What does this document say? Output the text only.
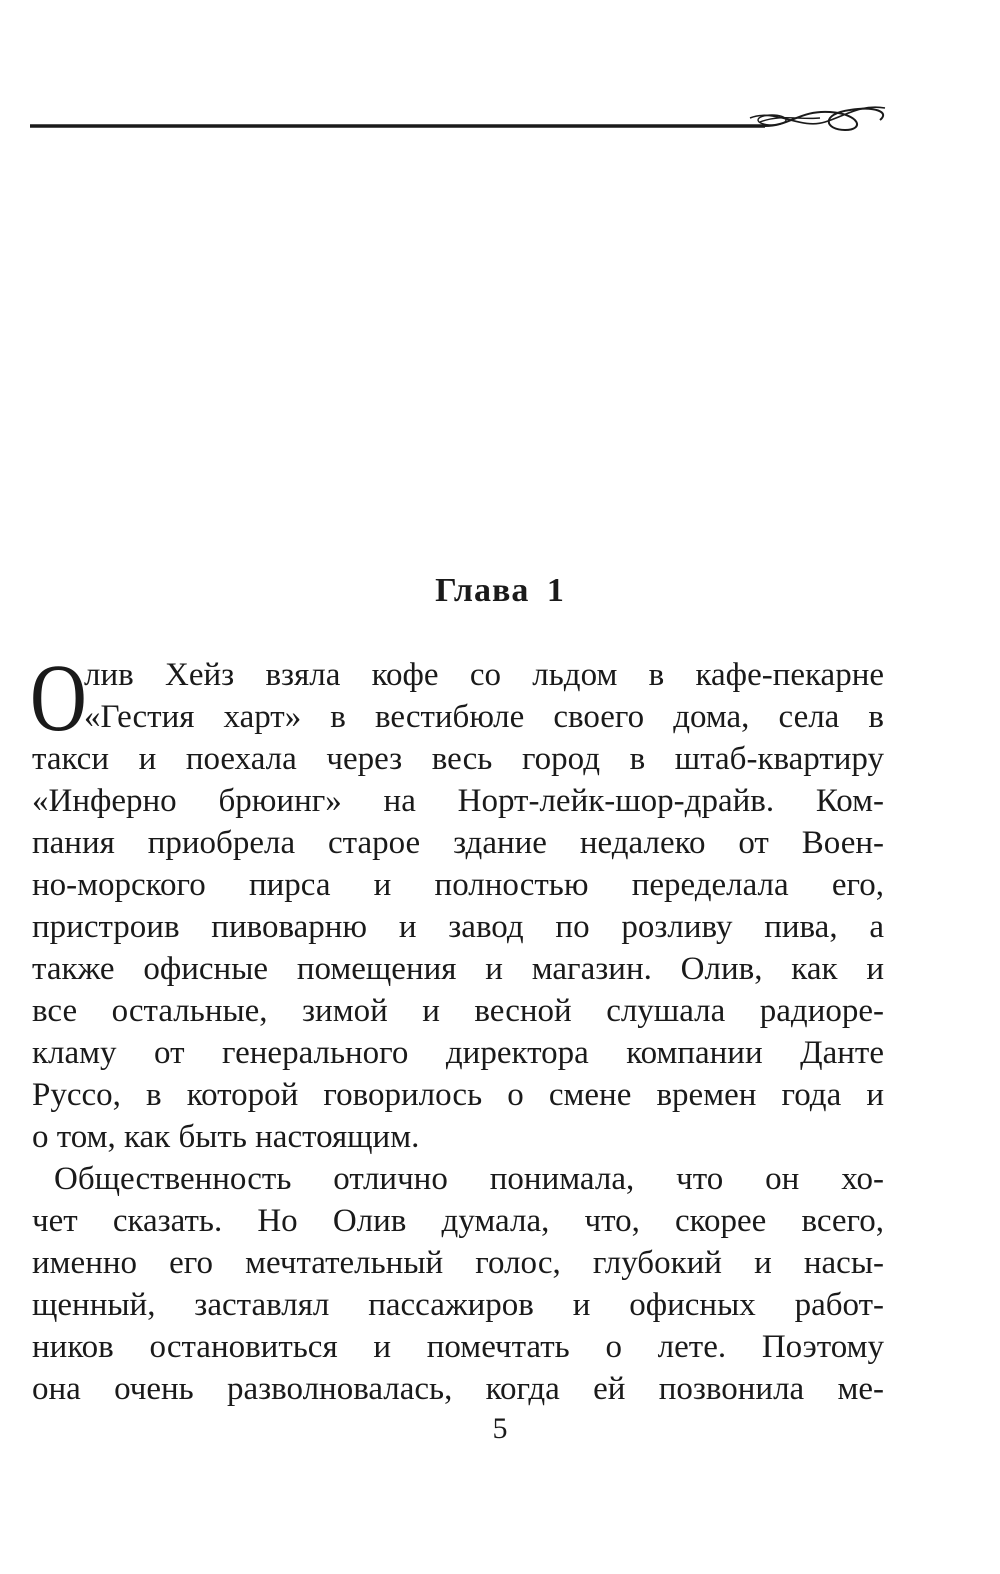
Глава 1
О
лив Хейз взяла кофе со льдом в кафе-пекарне
«Гестия харт» в вестибюле своего дома, села в
такси и поехала через весь город в штаб-квартиру
«Инферно брюинг» на Норт-лейк-шор-драйв. Ком-
пания приобрела старое здание недалеко от Воен-
но-морского пирса и полностью переделала его,
пристроив пивоварню и завод по розливу пива, а
также офисные помещения и магазин. Олив, как и
все остальные, зимой и весной слушала радиоре-
кламу от генерального директора компании Данте
Руссо, в которой говорилось о смене времен года и
о том, как быть настоящим.
Общественность отлично понимала, что он хо-
чет сказать. Но Олив думала, что, скорее всего,
именно его мечтательный голос, глубокий и насы-
щенный, заставлял пассажиров и офисных работ-
ников остановиться и помечтать о лете. Поэтому
она очень разволновалась, когда ей позвонила ме-
5
